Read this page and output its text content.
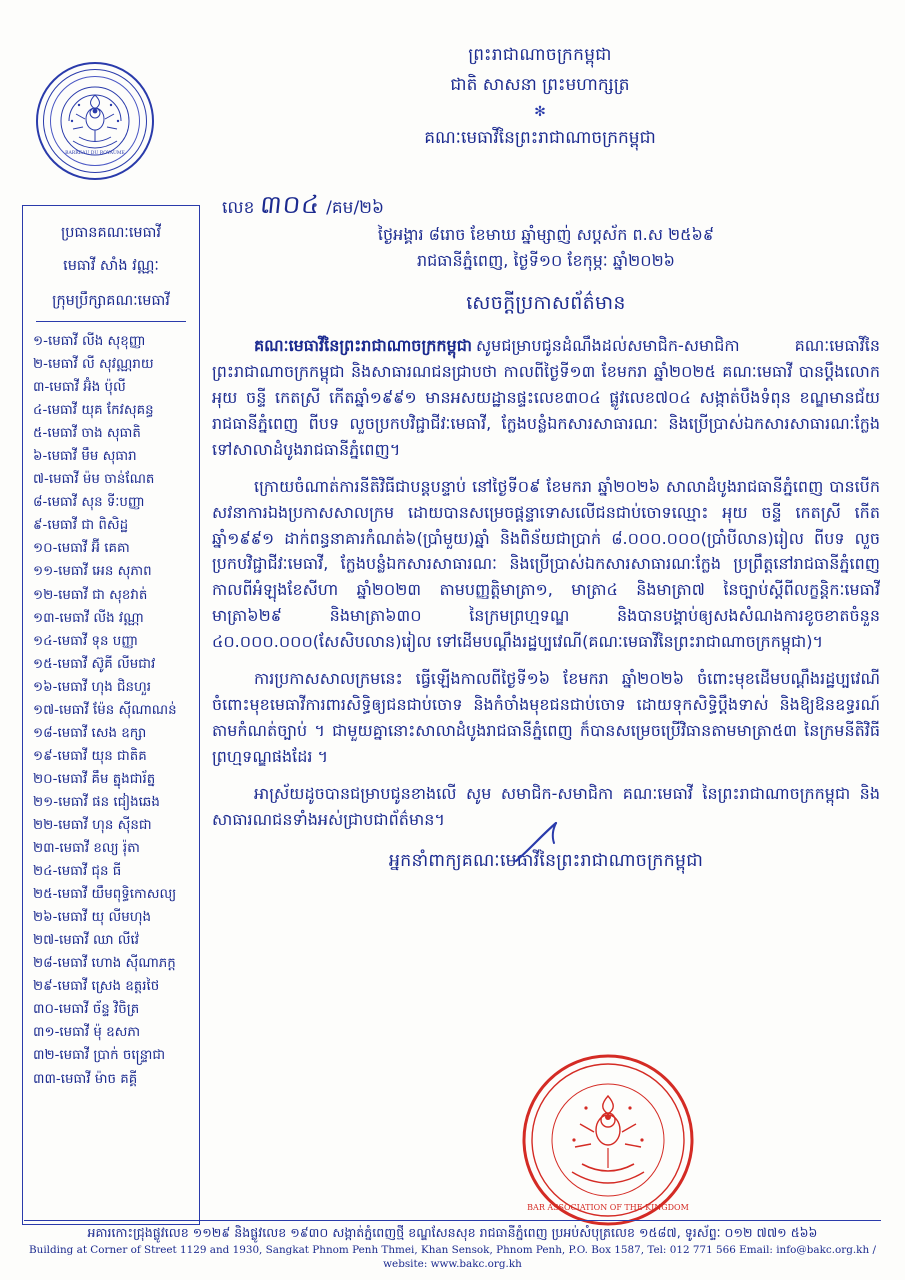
BARREAU DU ROYAUME
ព្រះរាជាណាចក្រកម្ពុជា
ជាតិ សាសនា ព្រះមហាក្សត្រ
✻
គណៈមេធាវីនៃព្រះរាជាណាចក្រកម្ពុជា
លេខ ៣០៤ /គម/២៦
ប្រធានគណៈមេធាវី
មេធាវី សាំង វណ្ណៈ
ក្រុមប្រឹក្សាគណៈមេធាវី
១-មេធាវី លីង សុខុញ្ញា
២-មេធាវី លី សុវណ្ណរាយ
៣-មេធាវី អ៊ំង ប៉ុលី
៤-មេធាវី យុគ កែវសុគន្ធ
៥-មេធាវី ចាង សុធាតិ
៦-មេធាវី មឹម សុធារា
៧-មេធាវី ម៉ម ចាន់ណែត
៨-មេធាវី សុន ទីៈបញ្ញា
៩-មេធាវី ជា ពិសិដ្ឋ
១០-មេធាវី អ៊ី គេគា
១១-មេធាវី អេន សុភាព
១២-មេធាវី ជា សុខវាត់
១៣-មេធាវី លីង វណ្ណា
១៤-មេធាវី ទុន បញ្ញា
១៥-មេធាវី ស៊ូគី លីមជាវ
១៦-មេធាវី ហុង ជិនហួរ
១៧-មេធាវី ម៉ែន ស៊ីណាណន់
១៨-មេធាវី សេង ឧក្សា
១៩-មេធាវី យុន ជាតិគ
២០-មេធាវី គឹម ត្នុងជារ័ត្ន
២១-មេធាវី ផន ជៀងឆេង
២២-មេធាវី ហុន ស៊ីនជា
២៣-មេធាវី ខល្យ រ៉ុតា
២៤-មេធាវី ជុន ធី
២៥-មេធាវី យឹមពុទ្ធិកោសល្យ
២៦-មេធាវី យុ លីមហុង
២៧-មេធាវី ឈា លីវ៉េ
២៨-មេធាវី ហោង ស៊ីណាភក្ត
២៩-មេធាវី ស្រេង ឧត្តរថៃ
៣០-មេធាវី ច័ន្ទ វិចិត្រ
៣១-មេធាវី ម៉ុ ឧសភា
៣២-មេធាវី ប្រាក់ ចន្ទ្រោជា
៣៣-មេធាវី ម៉ាច គគ្គី
ថ្ងៃអង្គារ ៨រោច ខែមាឃ ឆ្នាំម្សាញ់ សប្តស័ក ព.ស ២៥៦៩
រាជធានីភ្នំពេញ, ថ្ងៃទី១០ ខែកុម្ភៈ ឆ្នាំ២០២៦
សេចក្តីប្រកាសព័ត៌មាន

គណៈមេធាវីនៃព្រះរាជាណាចក្រកម្ពុជា សូមជម្រាបជូនដំណឹងដល់សមាជិក-សមាជិកា គណៈមេធាវីនៃព្រះរាជាណាចក្រកម្ពុជា និងសាធារណជនជ្រាបថា កាលពីថ្ងៃទី១៣ ខែមករា ឆ្នាំ២០២៥ គណៈមេធាវី បានប្តឹងលោក អុយ ចន្ទី កេតស្រី កើតឆ្នាំ១៩៩១ មានអសយដ្ឋានផ្ទះលេខ៣០៤ ផ្លូវលេខ៧០៤ សង្កាត់បឹងទំពុន ខណ្ឌមានជ័យ រាជធានីភ្នំពេញ ពីបទ លួចប្រកបវិជ្ជាជីវៈមេធាវី, ក្លែងបន្លំឯកសារសាធារណៈ និងប្រើប្រាស់ឯកសារសាធារណៈក្លែង ទៅសាលាដំបូងរាជធានីភ្នំពេញ។

ក្រោយចំណាត់ការនីតិវិធីជាបន្តបន្ទាប់ នៅថ្ងៃទី០៩ ខែមករា ឆ្នាំ២០២៦ សាលាដំបូងរាជធានីភ្នំពេញ បានបើកសវនាការឯងប្រកាសសាលក្រម ដោយបានសម្រេចផ្តន្ទាទោសលើជនជាប់ចោទឈ្មោះ អុយ ចន្ទី កេតស្រី កើតឆ្នាំ១៩៩១ ដាក់ពន្ធនាគារកំណត់៦(ប្រាំមួយ)ឆ្នាំ និងពិន័យជាប្រាក់ ៨.០០០.០០០(ប្រាំបីលាន)រៀល ពីបទ លួចប្រកបវិជ្ជាជីវៈមេធាវី, ក្លែងបន្លំឯកសារសាធារណៈ និងប្រើប្រាស់ឯកសារសាធារណៈក្លែង ប្រព្រឹត្តនៅរាជធានីភ្នំពេញ កាលពីអំឡុងខែសីហា ឆ្នាំ២០២៣ តាមបញ្ញត្តិមាត្រា១, មាត្រា៤ និងមាត្រា៧ នៃច្បាប់ស្តីពីលក្ខន្តិកៈមេធាវី មាត្រា៦២៩ និងមាត្រា៦៣០ នៃក្រមព្រហ្មទណ្ឌ និងបានបង្គាប់ឲ្យសងសំណងការខូចខាតចំនួន ៤០.០០០.០០០(សែសិបលាន)រៀល ទៅដើមបណ្តឹងរដ្ឋប្បវេណី(គណៈមេធាវីនៃព្រះរាជាណាចក្រកម្ពុជា)។

ការប្រកាសសាលក្រមនេះ ធ្វើឡើងកាលពីថ្ងៃទី១៦ ខែមករា ឆ្នាំ២០២៦ ចំពោះមុខដើមបណ្តឹងរដ្ឋប្បវេណី ចំពោះមុខមេធាវីការពារសិទ្ធិឲ្យជនជាប់ចោទ និងកំចាំងមុខជនជាប់ចោទ ដោយទុកសិទ្ធិប្តឹងទាស់ និងឱ្យឱនឧទ្ធរណ៍តាមកំណត់ច្បាប់ ។ ជាមួយគ្នានោះសាលាដំបូងរាជធានីភ្នំពេញ ក៏បានសម្រេចប្រើវិធានតាមមាត្រា៥៣ នៃក្រមនីតិវិធីព្រហ្មទណ្ឌផងដែរ ។

អាស្រ័យដូចបានជម្រាបជូនខាងលើ សូម សមាជិក-សមាជិកា គណៈមេធាវី នៃព្រះរាជាណាចក្រកម្ពុជា និងសាធារណជនទាំងអស់ជ្រាបជាព័ត៌មាន។

អ្នកនាំពាក្យគណៈមេធាវីនៃព្រះរាជាណាចក្រកម្ពុជា
BAR ASSOCIATION OF THE KINGDOM
អគារកោះជ្រុងផ្លូវលេខ ១១២៩ និងផ្លូវលេខ ១៩៣០ សង្កាត់ភ្នំពេញថ្មី ខណ្ឌសែនសុខ រាជធានីភ្នំពេញ ប្រអប់សំបុត្រលេខ ១៥៨៧, ទូរស័ព្ទៈ ០១២ ៧៧១ ៥៦៦
Building at Corner of Street 1129 and 1930, Sangkat Phnom Penh Thmei, Khan Sensok, Phnom Penh, P.O. Box 1587, Tel: 012 771 566 Email: info@bakc.org.kh / website: www.bakc.org.kh
